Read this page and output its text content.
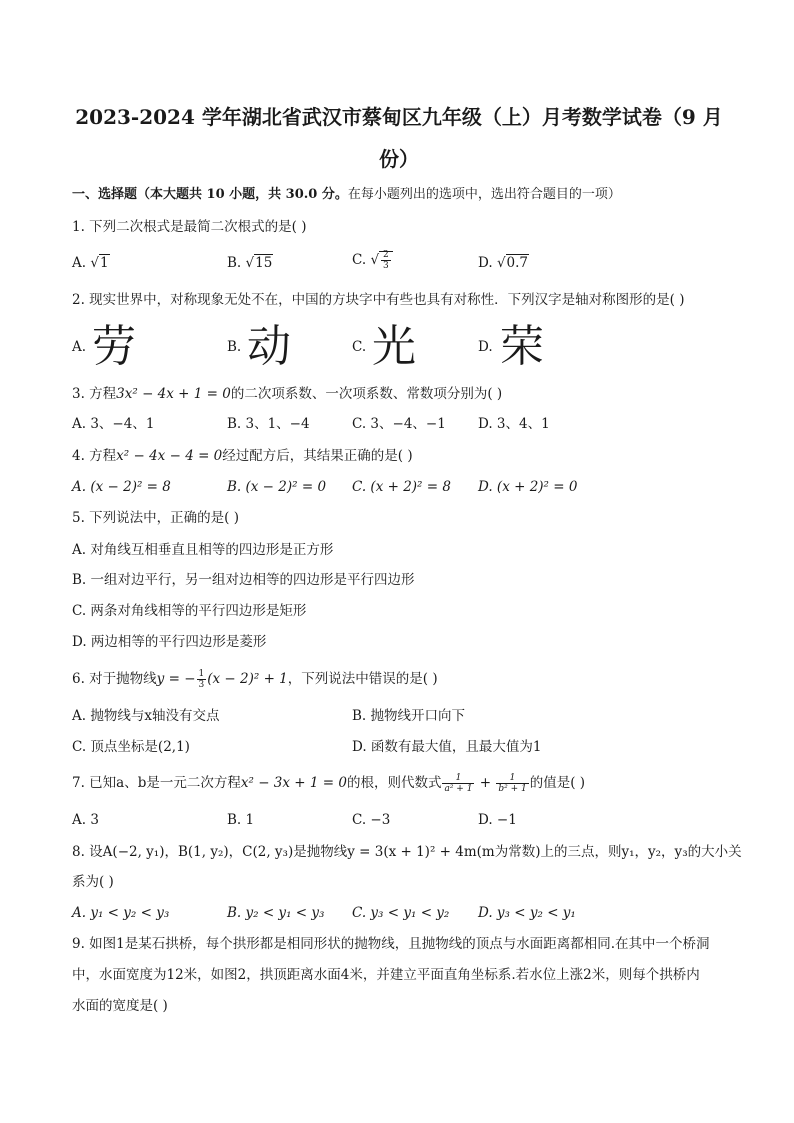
2023-2024 学年湖北省武汉市蔡甸区九年级（上）月考数学试卷（9 月
份）
一、选择题（本大题共 10 小题，共 30.0 分。在每小题列出的选项中，选出符合题目的一项）
1. 下列二次根式是最简二次根式的是( )
A. √1	B. √15	C. √ $\frac{2}{3}$	D. √0.7
2. 现实世界中，对称现象无处不在，中国的方块字中有些也具有对称性．下列汉字是轴对称图形的是( )
A. 劳	B. 动	C. 光	D. 荣
3. 方程3x² − 4x + 1 = 0的二次项系数、一次项系数、常数项分别为( )
A. 3、−4、1	B. 3、1、−4	C. 3、−4、−1 D. 3、4、1
4. 方程x² − 4x − 4 = 0经过配方后，其结果正确的是( )
A. (x − 2)² = 8	B. (x − 2)² = 0 C. (x + 2)² = 8 D. (x + 2)² = 0
5. 下列说法中，正确的是( )
A. 对角线互相垂直且相等的四边形是正方形
B. 一组对边平行，另一组对边相等的四边形是平行四边形
C. 两条对角线相等的平行四边形是矩形
D. 两边相等的平行四边形是菱形
6. 对于抛物线y = − $\frac{1}{3} (x - 2)^2 + 1$，下列说法中错误的是( )
A. 抛物线与x轴没有交点	B. 抛物线开口向下
C. 顶点坐标是(2,1)	D. 函数有最大值，且最大值为1
7. 已知a、b是一元二次方程x² − 3x + 1 = 0的根，则代数式 $\frac{1}{\text{a² + 1}} + \frac{1}{\text{b² + 1}}$ 的值是( )
A. 3	B. 1	C. −3	D. −1
8. 设A(−2, y₁)，B(1, y₂)，C(2, y₃)是抛物线y = 3(x + 1)² + 4m(m为常数)上的三点，则y₁，y₂，y₃的大小关
系为( )
A. y₁ < y₂ < y₃	B. y₂ < y₁ < y₃ C. y₃ < y₁ < y₂ D. y₃ < y₂ < y₁
9. 如图1是某石拱桥，每个拱形都是相同形状的抛物线，且抛物线的顶点与水面距离都相同.在其中一个桥洞
中，水面宽度为12米，如图2，拱顶距离水面4米，并建立平面直角坐标系.若水位上涨2米，则每个拱桥内
水面的宽度是( )
